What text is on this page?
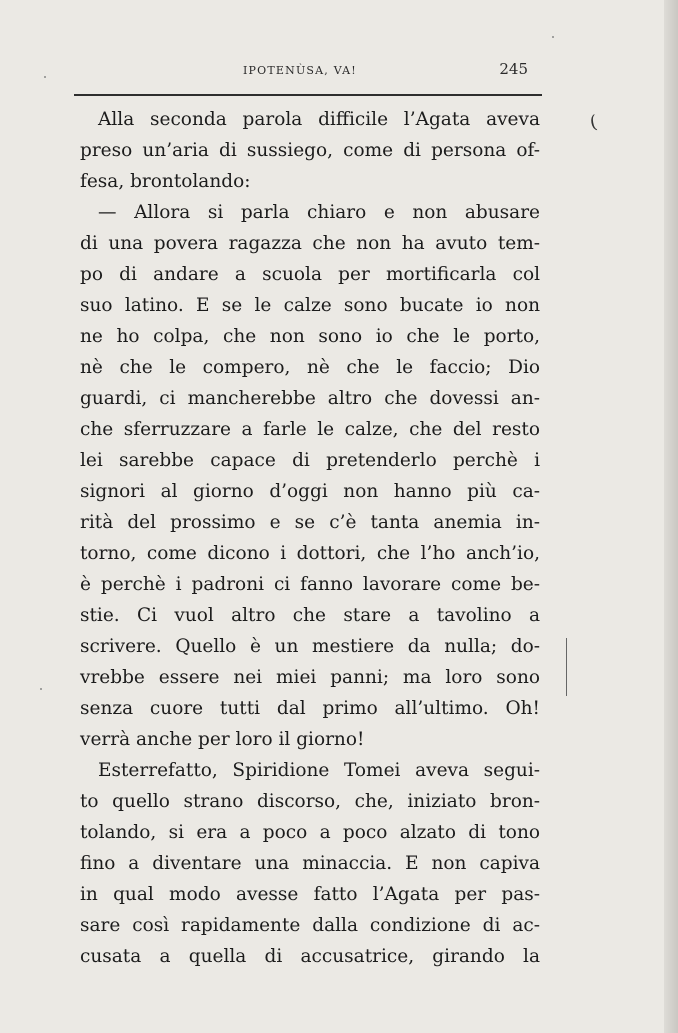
IPOTENÙSA, VA!	245
(
Alla seconda parola difficile l’Agata aveva
preso un’aria di sussiego, come di persona of-
fesa, brontolando:
— Allora si parla chiaro e non abusare
di una povera ragazza che non ha avuto tem-
po di andare a scuola per mortificarla col
suo latino. E se le calze sono bucate io non
ne ho colpa, che non sono io che le porto,
nè che le compero, nè che le faccio; Dio
guardi, ci mancherebbe altro che dovessi an-
che sferruzzare a farle le calze, che del resto
lei sarebbe capace di pretenderlo perchè i
signori al giorno d’oggi non hanno più ca-
rità del prossimo e se c’è tanta anemia in-
torno, come dicono i dottori, che l’ho anch’io,
è perchè i padroni ci fanno lavorare come be-
stie. Ci vuol altro che stare a tavolino a
scrivere. Quello è un mestiere da nulla; do-
vrebbe essere nei miei panni; ma loro sono
senza cuore tutti dal primo all’ultimo. Oh!
verrà anche per loro il giorno!
Esterrefatto, Spiridione Tomei aveva segui-
to quello strano discorso, che, iniziato bron-
tolando, si era a poco a poco alzato di tono
fino a diventare una minaccia. E non capiva
in qual modo avesse fatto l’Agata per pas-
sare così rapidamente dalla condizione di ac-
cusata a quella di accusatrice, girando la
